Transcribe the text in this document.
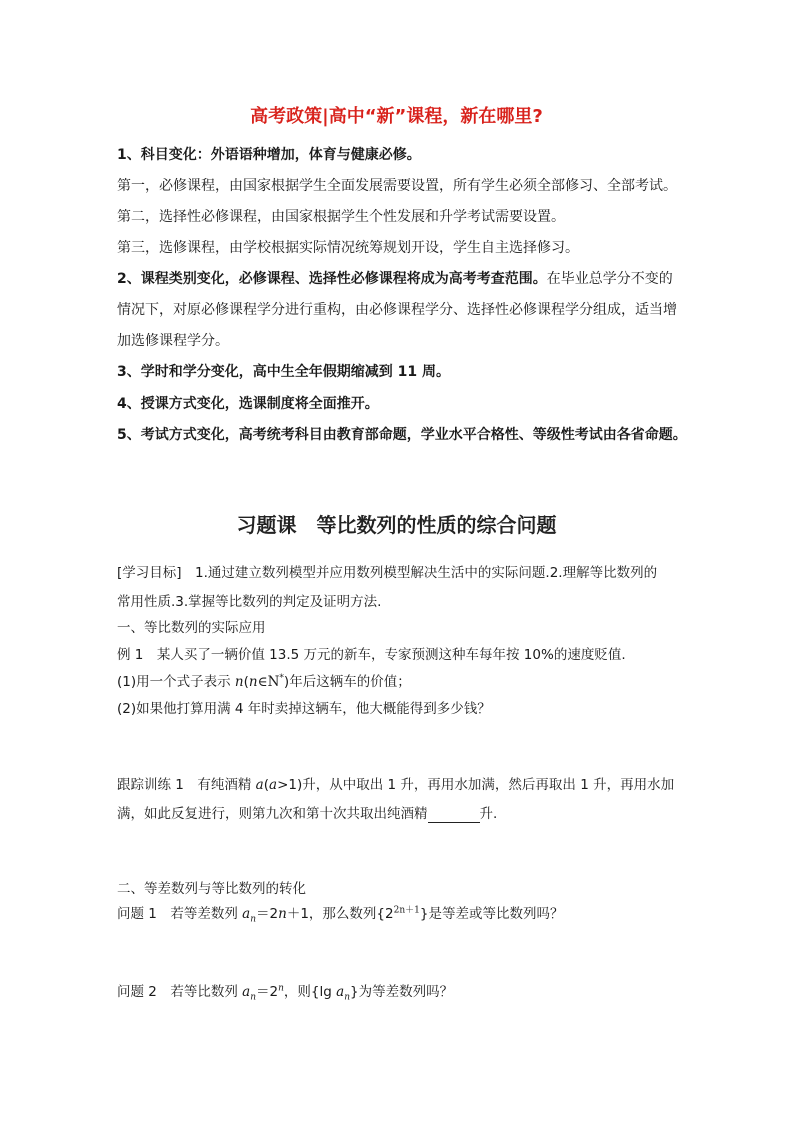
高考政策|高中“新”课程，新在哪里?
1、科目变化：外语语种增加，体育与健康必修。
第一，必修课程，由国家根据学生全面发展需要设置，所有学生必须全部修习、全部考试。
第二，选择性必修课程，由国家根据学生个性发展和升学考试需要设置。
第三，选修课程，由学校根据实际情况统筹规划开设，学生自主选择修习。
2、课程类别变化，必修课程、选择性必修课程将成为高考考查范围。在毕业总学分不变的
情况下，对原必修课程学分进行重构，由必修课程学分、选择性必修课程学分组成，适当增
加选修课程学分。
3、学时和学分变化，高中生全年假期缩减到 11 周。
4、授课方式变化，选课制度将全面推开。
5、考试方式变化，高考统考科目由教育部命题，学业水平合格性、等级性考试由各省命题。
习题课　等比数列的性质的综合问题
[学习目标]　1.通过建立数列模型并应用数列模型解决生活中的实际问题.2.理解等比数列的
常用性质.3.掌握等比数列的判定及证明方法.
一、等比数列的实际应用
例 1　某人买了一辆价值 13.5 万元的新车，专家预测这种车每年按 10%的速度贬值.
(1)用一个式子表示 n(n∈N*)年后这辆车的价值；
(2)如果他打算用满 4 年时卖掉这辆车，他大概能得到多少钱？
跟踪训练 1　有纯酒精 a(a>1)升，从中取出 1 升，再用水加满，然后再取出 1 升，再用水加
满，如此反复进行，则第九次和第十次共取出纯酒精	升.
二、等差数列与等比数列的转化
问题 1　若等差数列 $a_n=2n+1$，那么数列$\{2^{2n+1}\}$是等差或等比数列吗？
问题 2　若等比数列 $a_n=2^n$，则{lg $a_n$}为等差数列吗？
